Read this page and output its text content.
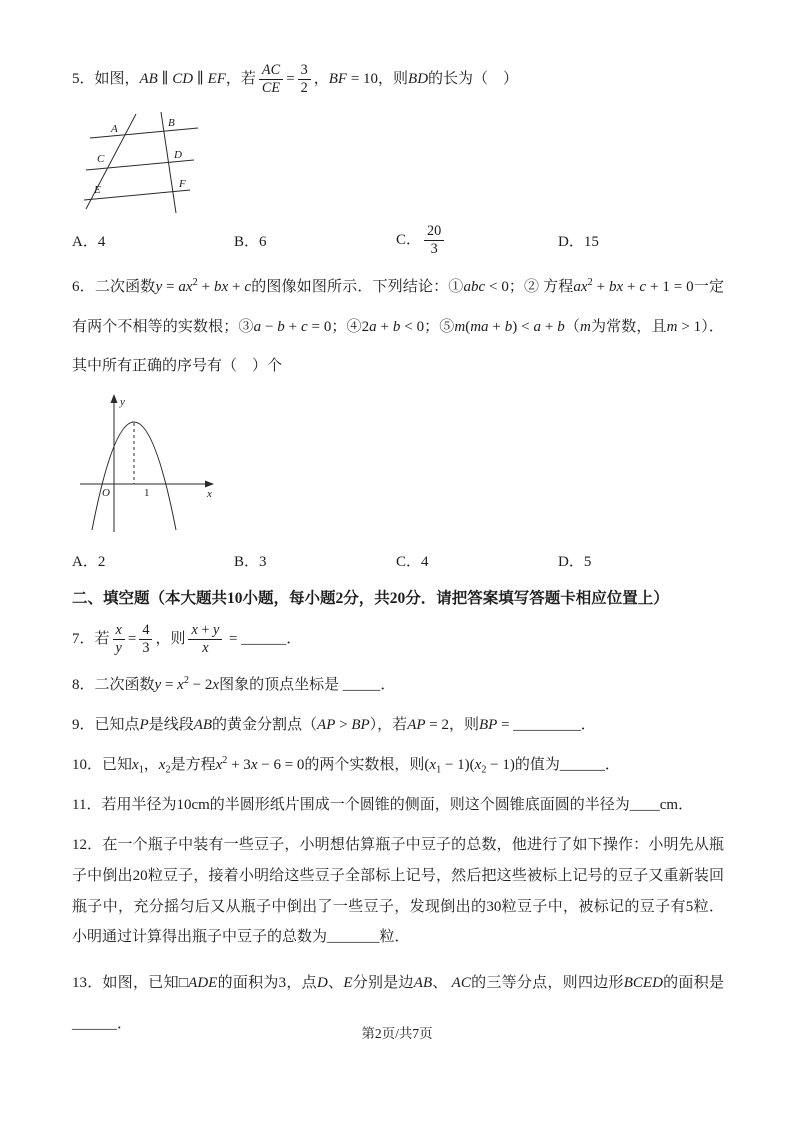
5．如图，AB ∥ CD ∥ EF，若 $\frac{AC}{CE} = \frac{3}{2}$ ，BF = 10，则BD的长为（　）

A	B
C	D
E	F
A．4	B．6	C． $\frac{20}{3}$	D．15

6．二次函数$y = ax^2$ + bx + c的图像如图所示．下列结论：①abc < 0；② 方程$ax^2$ + bx + c + 1 = 0一定有两个不相等的实数根；③a − b + c = 0；④2a + b < 0；⑤m(ma + b) < a + b（m为常数，且m > 1）．其中所有正确的序号有（　）个

y
x
O	1
A．2	B．3	C．4	D．5

二、填空题（本大题共10小题，每小题2分，共20分．请把答案填写答题卡相应位置上）

7．若 $\frac{x}{y} = \frac{4}{3}$ ，则 $\frac{x + y}{x}$ = ______．

8．二次函数$y = x^2 - 2x$图象的顶点坐标是 _____．

9．已知点P是线段AB的黄金分割点（AP > BP），若AP = 2，则BP = _________．

10．已知$x_1$，$x_2$是方程$x^2 + 3x - 6 = 0$的两个实数根，则$(x_1 - 1)(x_2 - 1)$的值为______．

11．若用半径为10cm的半圆形纸片围成一个圆锥的侧面，则这个圆锥底面圆的半径为____cm．

12．在一个瓶子中装有一些豆子，小明想估算瓶子中豆子的总数，他进行了如下操作：小明先从瓶子中倒出20粒豆子，接着小明给这些豆子全部标上记号，然后把这些被标上记号的豆子又重新装回瓶子中，充分摇匀后又从瓶子中倒出了一些豆子，发现倒出的30粒豆子中，被标记的豆子有5粒．小明通过计算得出瓶子中豆子的总数为_______粒．

13．如图，已知□ADE的面积为3，点D、E分别是边AB、 AC的三等分点，则四边形BCED的面积是______．

第2页/共7页
